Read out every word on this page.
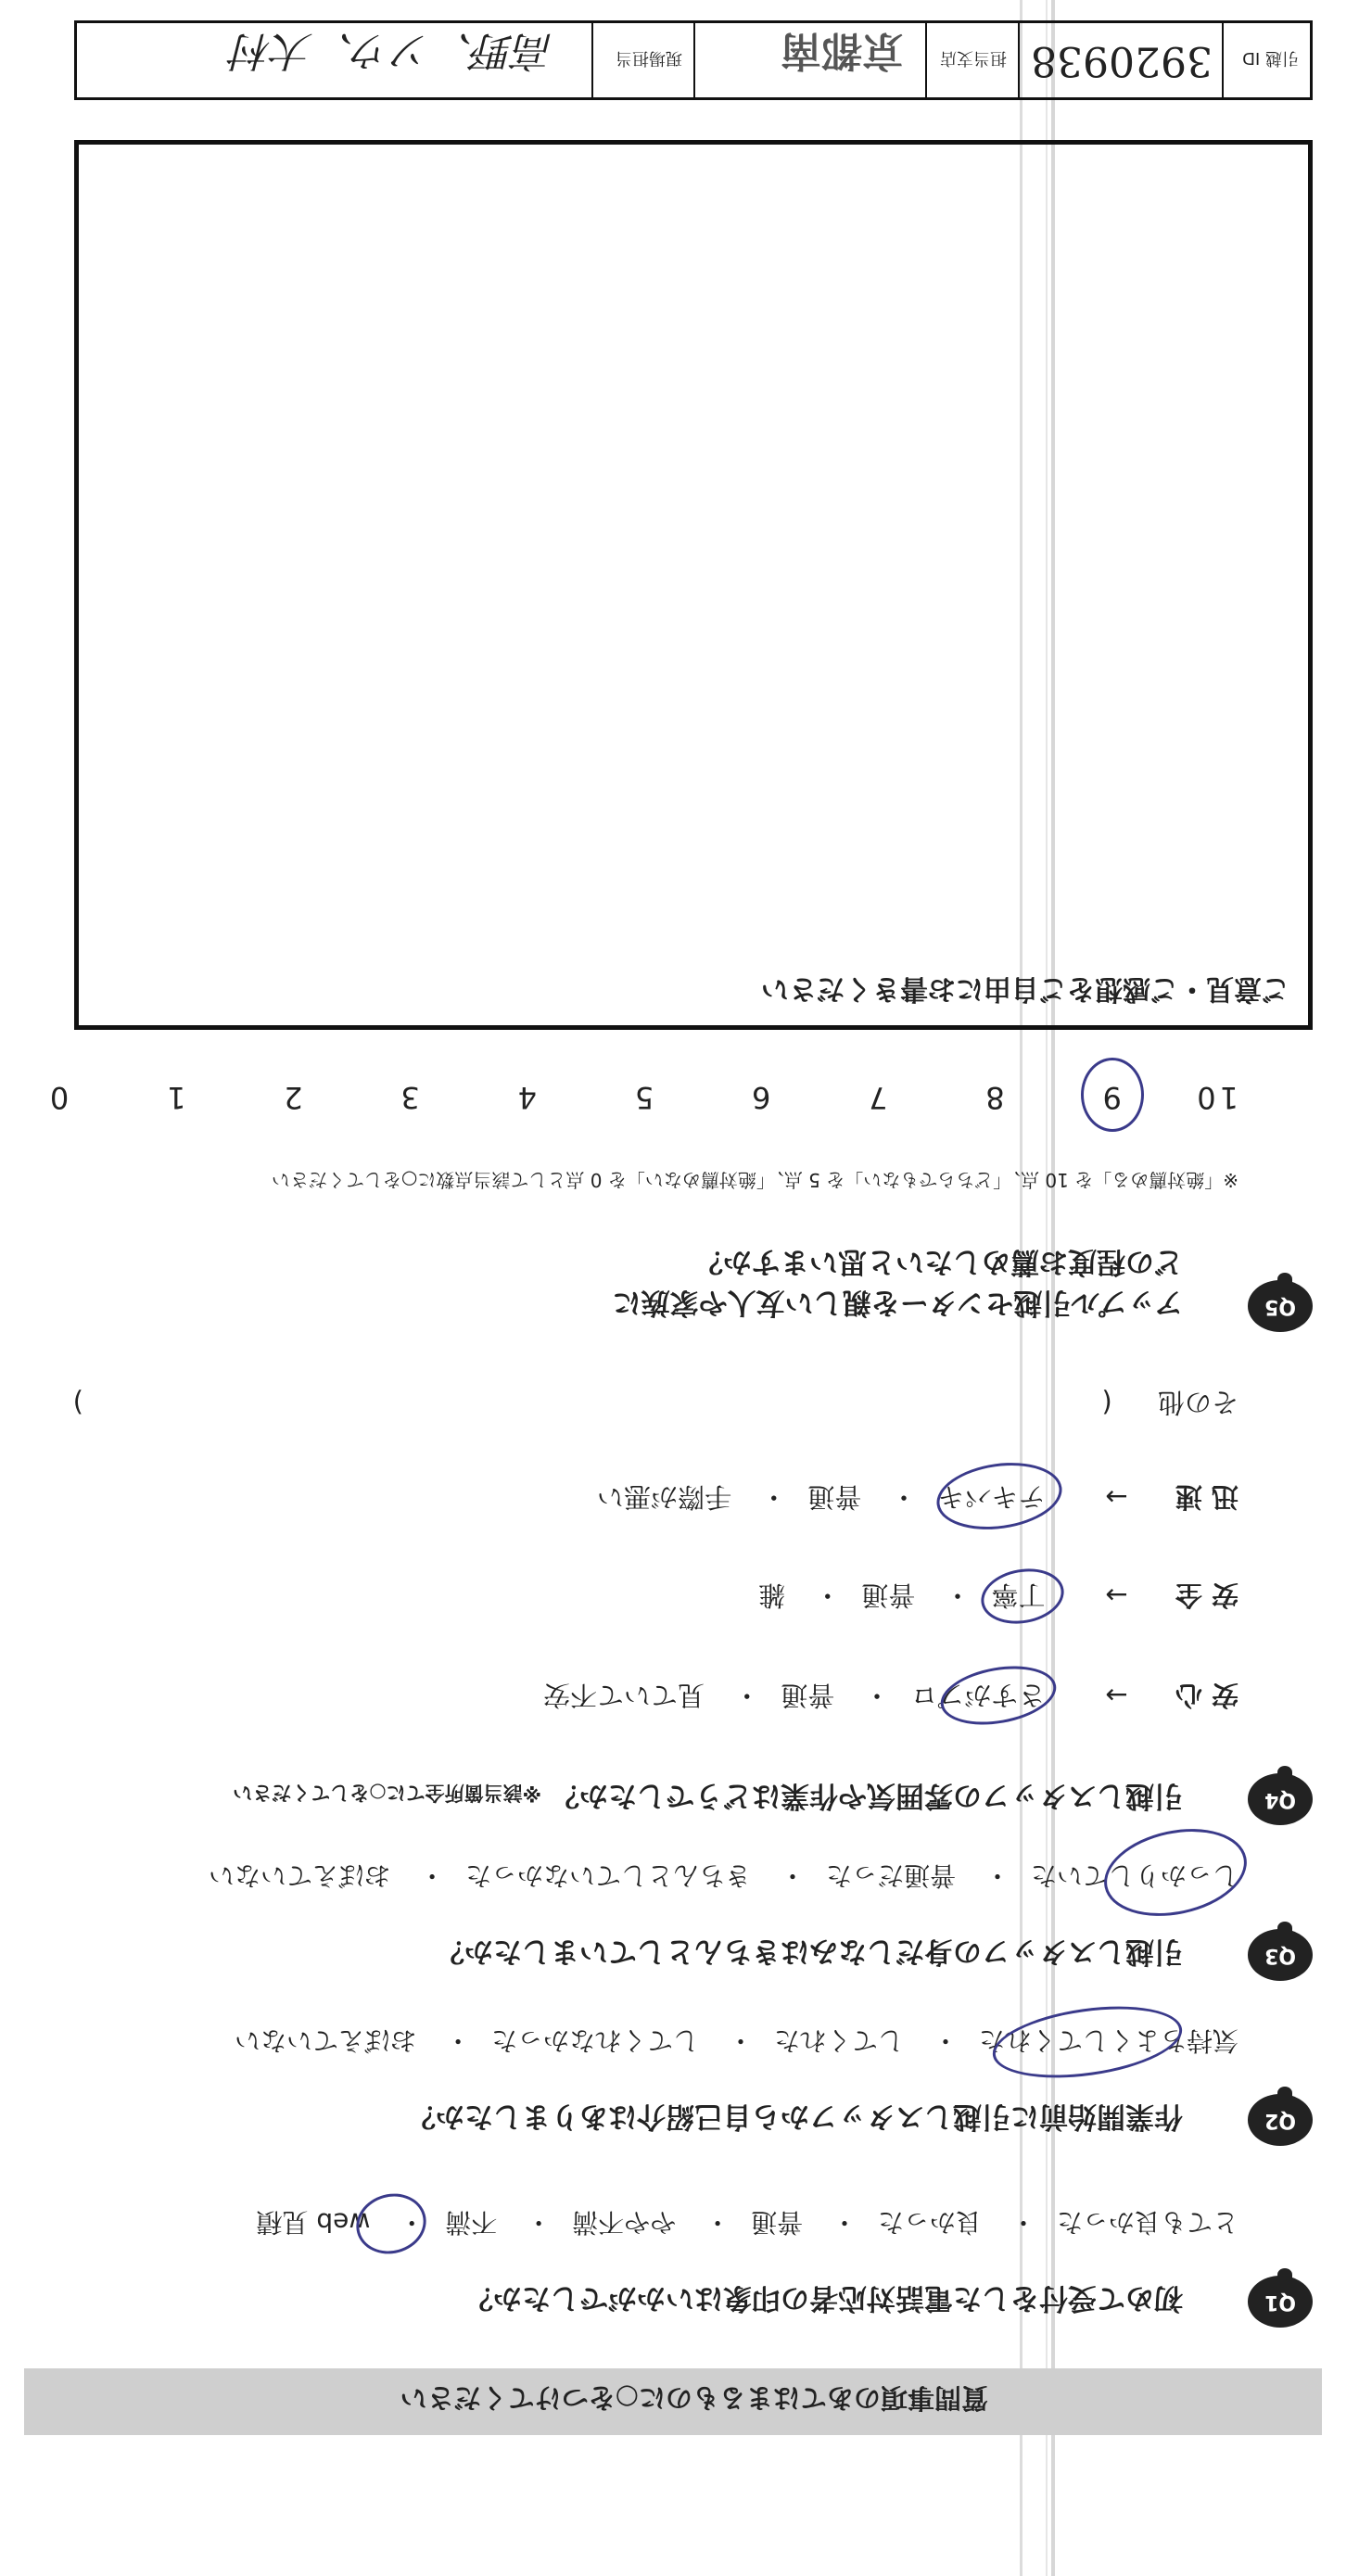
質問事項のあてはまるものに○をつけてください
Q1
初めて受付をした電話対応者の印象はいかがでしたか？
とても良かった・ 良かった・ 普通・ やや不満・ 不満・ web 見積
Q2
作業開始前に引越しスタッフから自己紹介はありましたか？
気持ちよくしてくれた・ してくれた・ してくれなかった・ おぼえていない
Q3
引越しスタッフの身だしなみはきちんとしていましたか？
しっかりしていた・ 普通だった・ きちんとしていなかった・ おぼえていない
Q4
引越しスタッフの雰囲気や作業はどうでしたか？※該当箇所全てに○をしてください
安心 → さすがプロ・ 普通・ 見ていて不安
安全 → 丁寧・ 普通・ 雑
迅速 → テキパキ・ 普通・ 手際が悪い
その他 (  )
Q5
アップル引越センターを親しい友人や家族に
どの程度お薦めしたいと思いますか？
※「絶対薦める」を 10 点、「どちらでもない」を 5 点、「絶対薦めない」を 0 点として該当点数に○をしてください
10 9 8 7 6 5 4 3 2 1 0
ご意見・ご感想をご自由にお書きください
引越 ID
3920938
担当支店
京都南
現場担当
高野、ソウ、大村
